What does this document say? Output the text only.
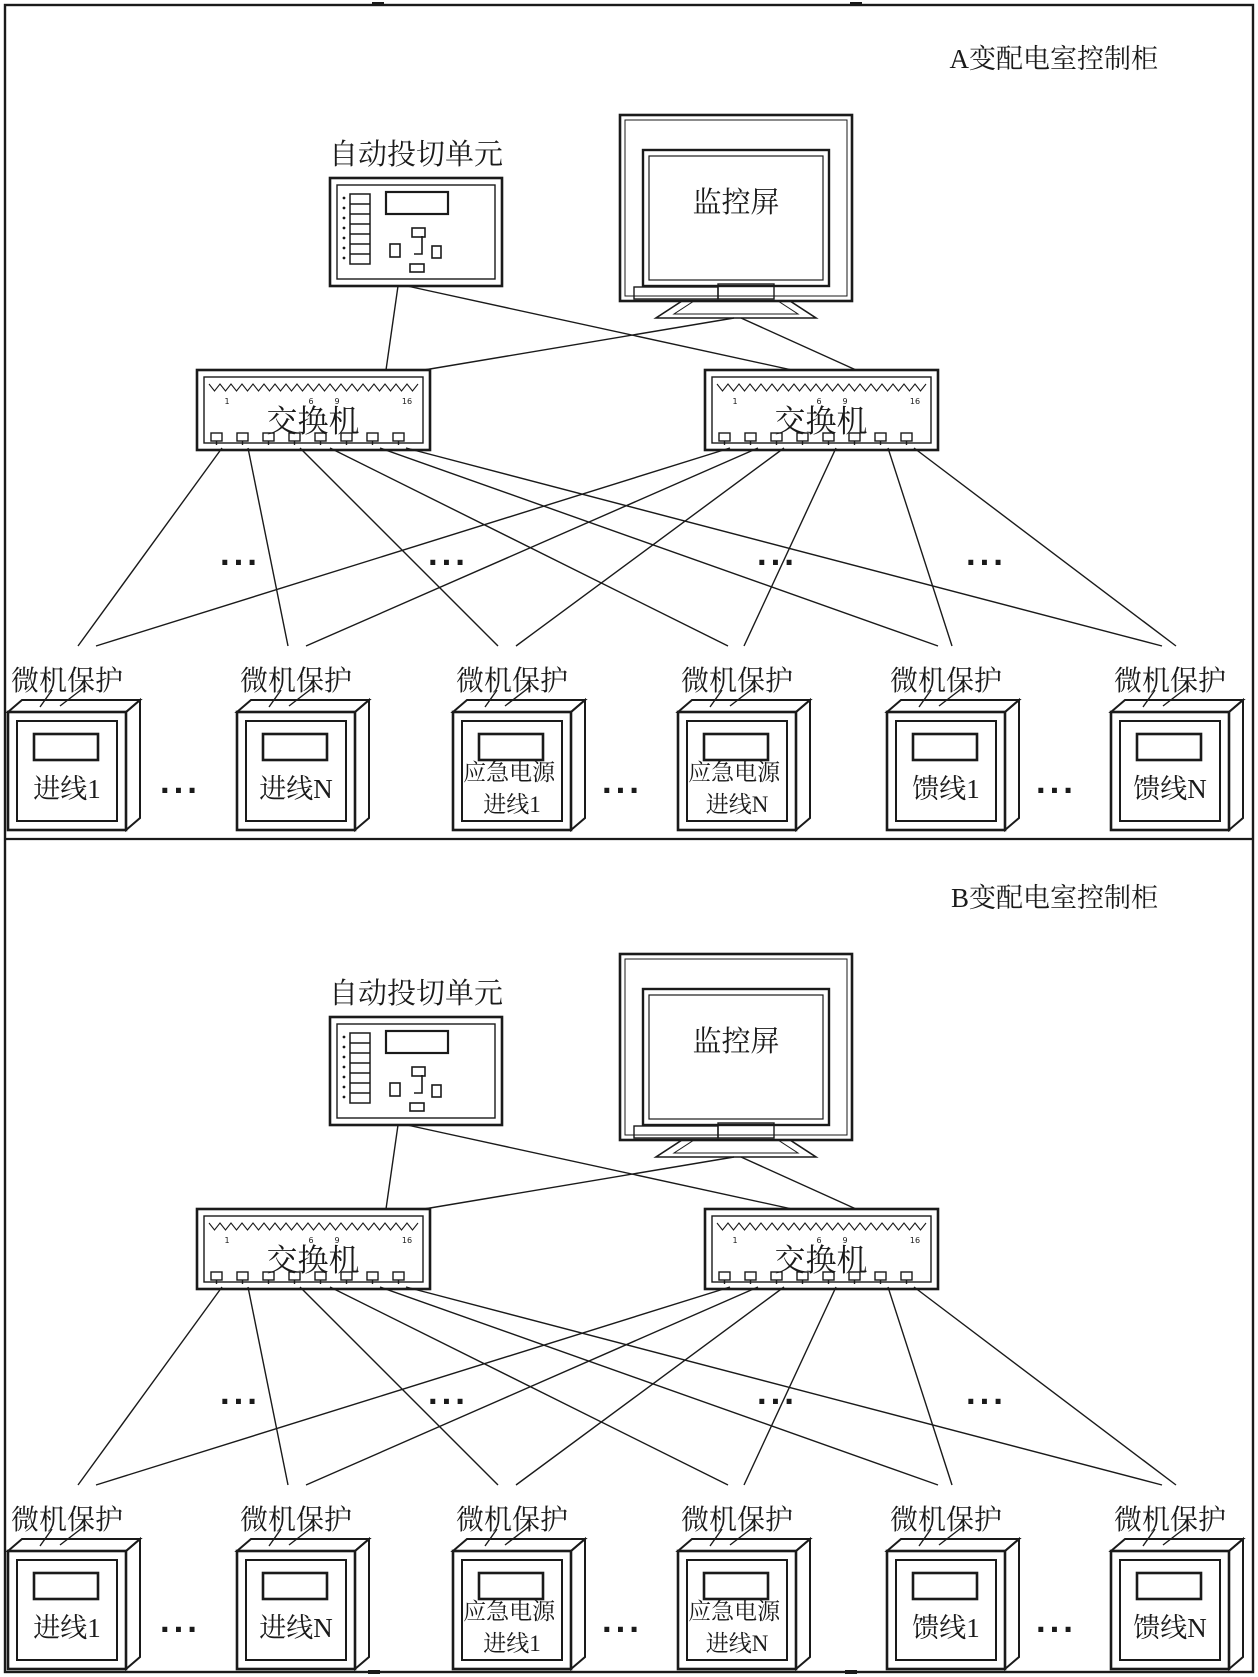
A变配电室控制柜
自动投切单元
监控屏
交换机
1	6	9	16
交换机
1	6	9	16
···	···	···	···
微机保护	微机保护	微机保护	微机保护	微机保护	微机保护
进线1	进线N
应急电源 进线1
应急电源 进线N
馈线1	馈线N
···	···	···
B变配电室控制柜
自动投切单元
监控屏
交换机
1	6	9	16
交换机
1	6	9	16
···	···	···	···
微机保护	微机保护	微机保护	微机保护	微机保护	微机保护
进线1	进线N
应急电源 进线1
应急电源 进线N
馈线1	馈线N
···	···	···
